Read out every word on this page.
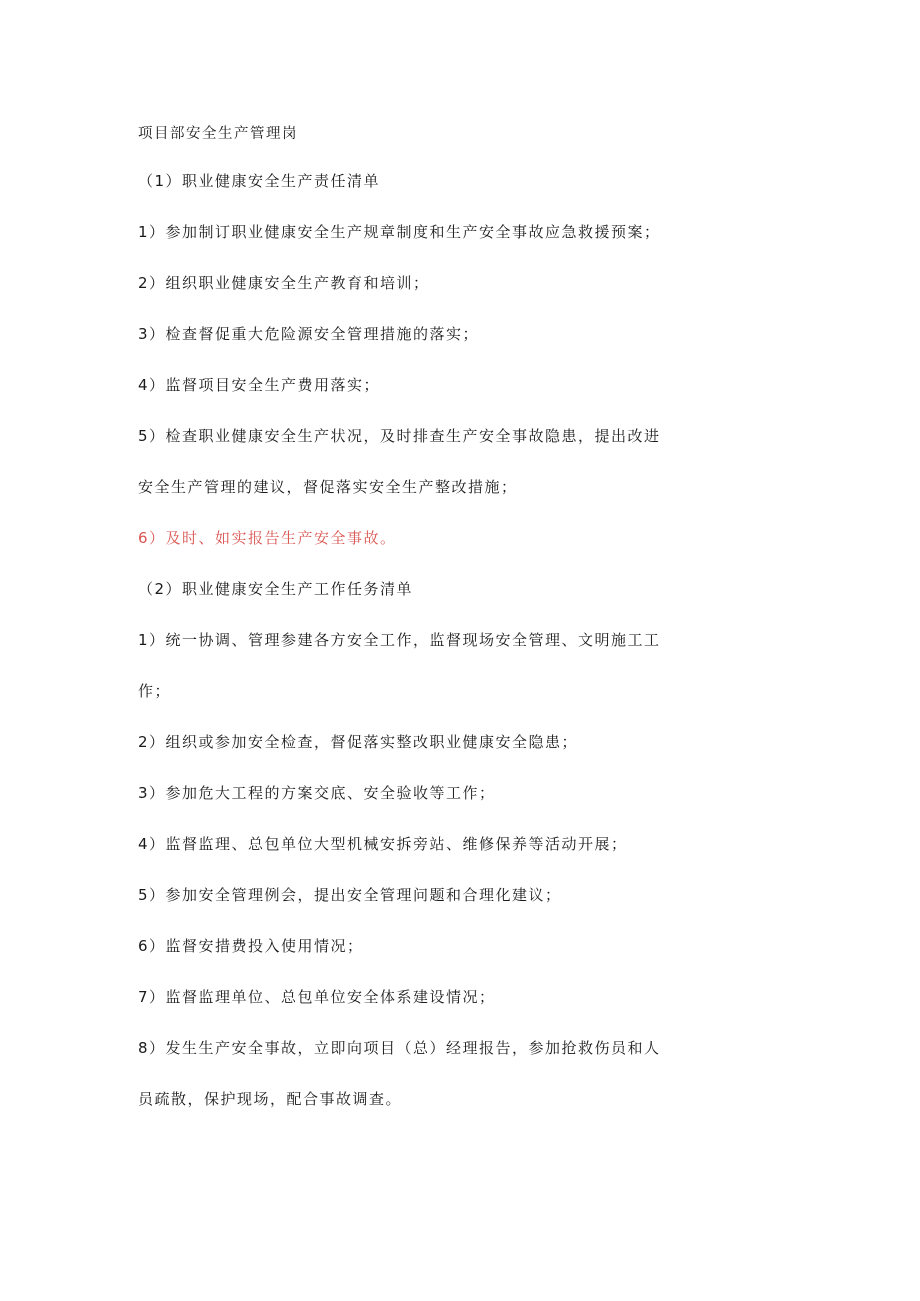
项目部安全生产管理岗
（1）职业健康安全生产责任清单
1）参加制订职业健康安全生产规章制度和生产安全事故应急救援预案；
2）组织职业健康安全生产教育和培训；
3）检查督促重大危险源安全管理措施的落实；
4）监督项目安全生产费用落实；
5）检查职业健康安全生产状况，及时排查生产安全事故隐患，提出改进
安全生产管理的建议，督促落实安全生产整改措施；
6）及时、如实报告生产安全事故。
（2）职业健康安全生产工作任务清单
1）统一协调、管理参建各方安全工作，监督现场安全管理、文明施工工
作；
2）组织或参加安全检查，督促落实整改职业健康安全隐患；
3）参加危大工程的方案交底、安全验收等工作；
4）监督监理、总包单位大型机械安拆旁站、维修保养等活动开展；
5）参加安全管理例会，提出安全管理问题和合理化建议；
6）监督安措费投入使用情况；
7）监督监理单位、总包单位安全体系建设情况；
8）发生生产安全事故，立即向项目（总）经理报告，参加抢救伤员和人
员疏散，保护现场，配合事故调查。
